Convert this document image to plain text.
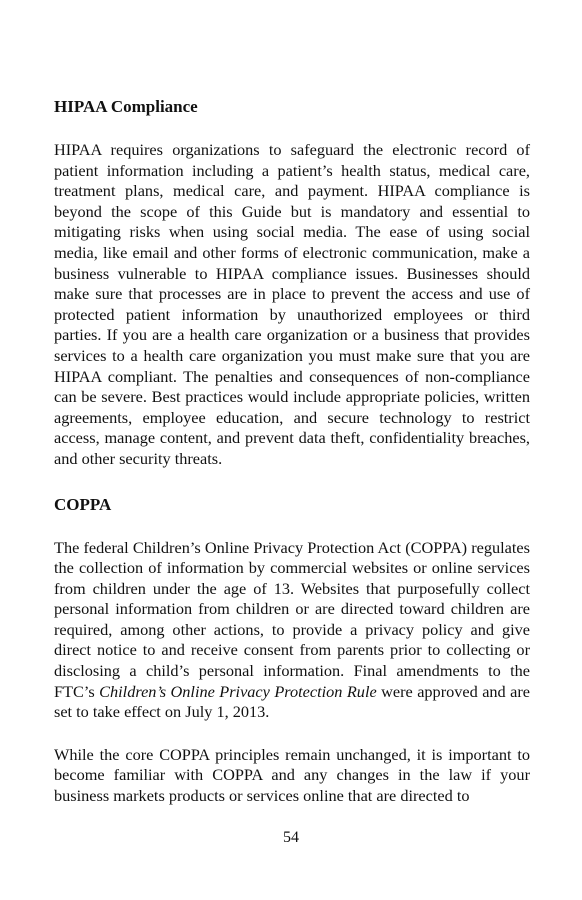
HIPAA Compliance

HIPAA requires organizations to safeguard the electronic record of patient information including a patient’s health status, medical care, treatment plans, medical care, and payment. HIPAA compliance is beyond the scope of this Guide but is mandatory and essential to mitigating risks when using social media. The ease of using social media, like email and other forms of electronic communication, make a business vulnerable to HIPAA compliance issues. Businesses should make sure that processes are in place to prevent the access and use of protected patient information by unauthorized employees or third parties. If you are a health care organization or a business that provides services to a health care organization you must make sure that you are HIPAA compliant. The penalties and consequences of non-compliance can be severe. Best practices would include appropriate policies, written agreements, employee education, and secure technology to restrict access, manage content, and prevent data theft, confidentiality breaches, and other security threats.

COPPA

The federal Children’s Online Privacy Protection Act (COPPA) regulates the collection of information by commercial websites or online services from children under the age of 13. Websites that purposefully collect personal information from children or are directed toward children are required, among other actions, to provide a privacy policy and give direct notice to and receive consent from parents prior to collecting or disclosing a child’s personal information. Final amendments to the FTC’s Children’s Online Privacy Protection Rule were approved and are set to take effect on July 1, 2013.

While the core COPPA principles remain unchanged, it is important to become familiar with COPPA and any changes in the law if your business markets products or services online that are directed to

54
